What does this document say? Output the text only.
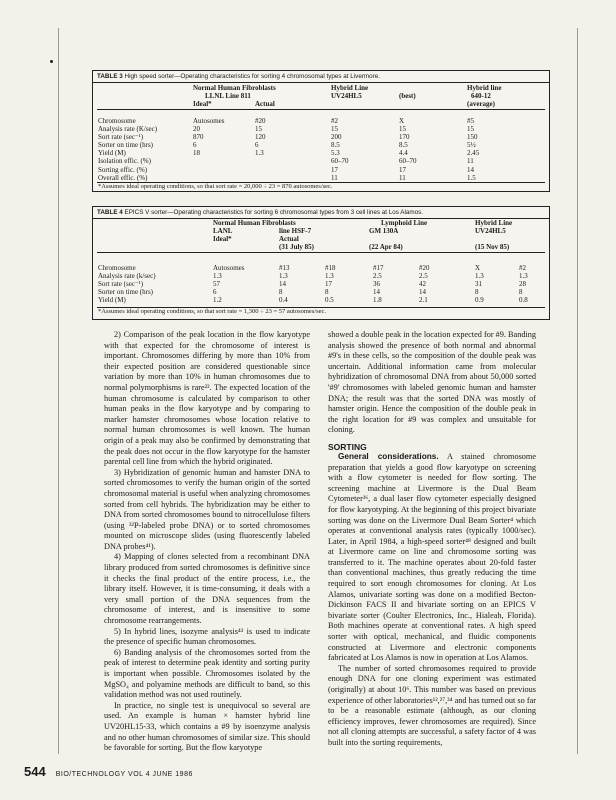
TABLE 3 High speed sorter—Operating characteristics for sorting 4 chromosomal types at Livermore.
Normal Human Fibroblasts
LLNL Line 811
Ideal*	Actual
Hybrid Line
UV24HL5	(best)
Hybrid line
640-12
(average)
Chromosome
Analysis rate (K/sec)
Sort rate (sec⁻¹)
Sorter on time (hrs)
Yield (M)
Isolation effic. (%)
Sorting effic. (%)
Overall effic. (%)
Autosomes
20
870
6
18
#20
15
120
6
1.3
#2
15
200
8.5
5.3
60–70
17
11
X
15
170
8.5
4.4
60–70
17
11
#5
15
150
5½
2.45
11
14
1.5
*Assumes ideal operating conditions, so that sort rate = 20,000 ÷ 23 = 870 autosomes/sec.
TABLE 4 EPICS V sorter—Operating characteristics for sorting 6 chromosomal types from 3 cell lines at Los Alamos.
Normal Human Fibroblasts
LANL
Ideal*
line HSF-7
Actual
(31 July 85)
Lymphoid Line
GM 130A
(22 Apr 84)
Hybrid Line
UV24HL5
(15 Nov 85)
Chromosome
Analysis rate (k/sec)
Sort rate (sec⁻¹)
Sorter on time (hrs)
Yield (M)
Autosomes
1.3
57
6
1.2
#13
1.3
14
8
0.4
#18
1.3
17
8
0.5
#17
2.5
36
14
1.8
#20
2.5
42
14
2.1
X
1.3
31
8
0.9
#2
1.3
28
8
0.8
*Assumes ideal operating conditions, so that sort rate = 1,300 ÷ 23 = 57 autosomes/sec.

2) Comparison of the peak location in the flow karyotype with that expected for the chromosome of interest is important. Chromosomes differing by more than 10% from their expected position are considered questionable since variation by more than 10% in human chromosomes due to normal polymorphisms is rare²². The expected location of the human chromosome is calculated by comparison to other human peaks in the flow karyotype and by comparing to marker hamster chromosomes whose location relative to normal human chromosomes is well known. The human origin of a peak may also be confirmed by demonstrating that the peak does not occur in the flow karyotype for the hamster parental cell line from which the hybrid originated.

3) Hybridization of genomic human and hamster DNA to sorted chromosomes to verify the human origin of the sorted chromosomal material is useful when analyzing chromosomes sorted from cell hybrids. The hybridization may be either to DNA from sorted chromosomes bound to nitrocellulose filters (using ³²P-labeled probe DNA) or to sorted chromosomes mounted on microscope slides (using fluorescently labeled DNA probes⁴¹).

4) Mapping of clones selected from a recombinant DNA library produced from sorted chromosomes is definitive since it checks the final product of the entire process, i.e., the library itself. However, it is time-consuming, it deals with a very small portion of the DNA sequences from the chromosome of interest, and is insensitive to some chromosome rearrangements.

5) In hybrid lines, isozyme analysis⁴³ is used to indicate the presence of specific human chromosomes.

6) Banding analysis of the chromosomes sorted from the peak of interest to determine peak identity and sorting purity is important when possible. Chromosomes isolated by the MgSO₄ and polyamine methods are difficult to band, so this validation method was not used routinely.

In practice, no single test is unequivocal so several are used. An example is human × hamster hybrid line UV20HL15-33, which contains a #9 by isoenzyme analysis and no other human chromosomes of similar size. This should be favorable for sorting. But the flow karyotype

showed a double peak in the location expected for #9. Banding analysis showed the presence of both normal and abnormal #9's in these cells, so the composition of the double peak was uncertain. Additional information came from molecular hybridization of chromosomal DNA from about 50,000 sorted '#9' chromosomes with labeled genomic human and hamster DNA; the result was that the sorted DNA was mostly of hamster origin. Hence the composition of the double peak in the right location for #9 was complex and unsuitable for cloning.

SORTING

General considerations. A stained chromosome preparation that yields a good flow karyotype on screening with a flow cytometer is needed for flow sorting. The screening machine at Livermore is the Dual Beam Cytometer³⁶, a dual laser flow cytometer especially designed for flow karyotyping. At the beginning of this project bivariate sorting was done on the Livermore Dual Beam Sorter⁴ which operates at conventional analysis rates (typically 1000/sec). Later, in April 1984, a high-speed sorter⁴⁸ designed and built at Livermore came on line and chromosome sorting was transferred to it. The machine operates about 20-fold faster than conventional machines, thus greatly reducing the time required to sort enough chromosomes for cloning. At Los Alamos, univariate sorting was done on a modified Becton-Dickinson FACS II and bivariate sorting on an EPICS V bivariate sorter (Coulter Electronics, Inc., Hialeah, Florida). Both machines operate at conventional rates. A high speed sorter with optical, mechanical, and fluidic components constructed at Livermore and electronic components fabricated at Los Alamos is now in operation at Los Alamos.

The number of sorted chromosomes required to provide enough DNA for one cloning experiment was estimated (originally) at about 10⁶. This number was based on previous experience of other laboratories¹²,²⁷,³⁴ and has turned out so far to be a reasonable estimate (although, as our cloning efficiency improves, fewer chromosomes are required). Since not all cloning attempts are successful, a safety factor of 4 was built into the sorting requirements,

544 BIO/TECHNOLOGY VOL 4 JUNE 1986
